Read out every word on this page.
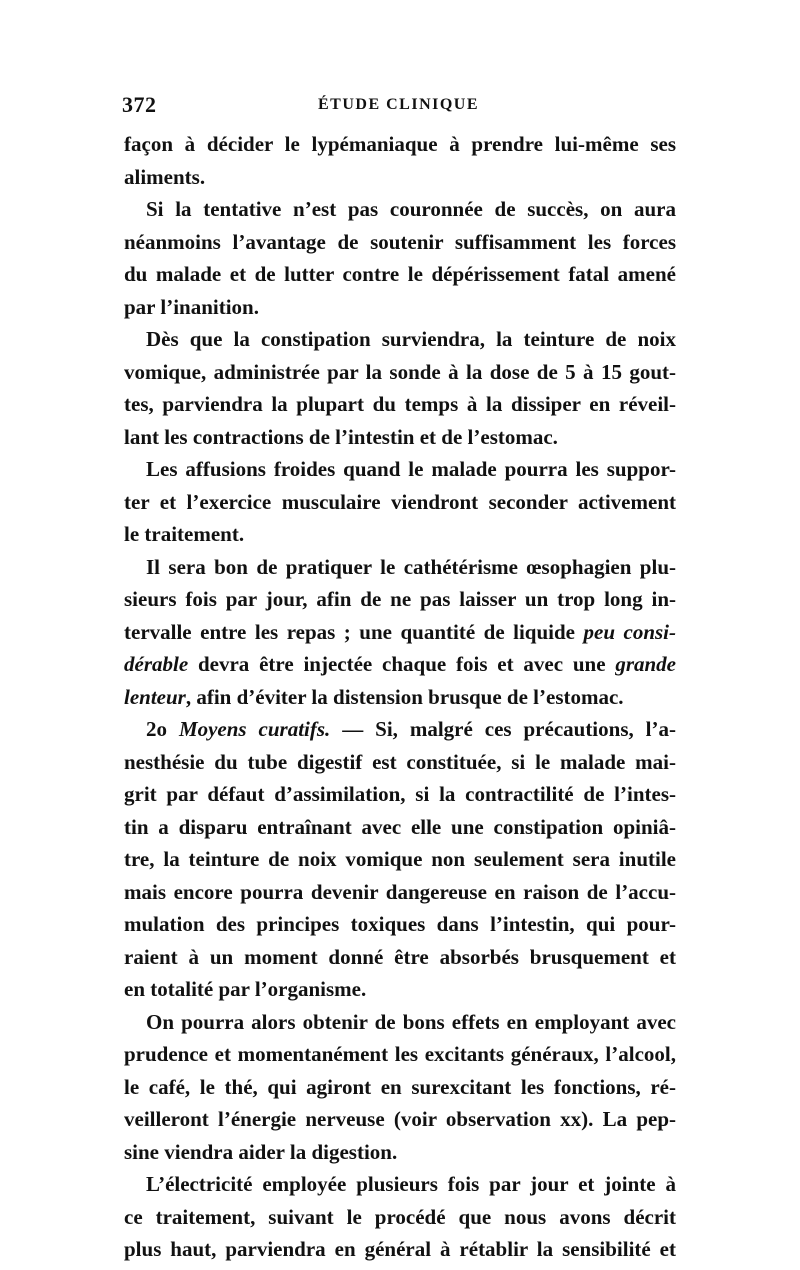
372	ÉTUDE CLINIQUE
façon à décider le lypémaniaque à prendre lui-même ses
aliments.
Si la tentative n’est pas couronnée de succès, on aura
néanmoins l’avantage de soutenir suffisamment les forces
du malade et de lutter contre le dépérissement fatal amené
par l’inanition.
Dès que la constipation surviendra, la teinture de noix
vomique, administrée par la sonde à la dose de 5 à 15 gout-
tes, parviendra la plupart du temps à la dissiper en réveil-
lant les contractions de l’intestin et de l’estomac.
Les affusions froides quand le malade pourra les suppor-
ter et l’exercice musculaire viendront seconder activement
le traitement.
Il sera bon de pratiquer le cathétérisme œsophagien plu-
sieurs fois par jour, afin de ne pas laisser un trop long in-
tervalle entre les repas ; une quantité de liquide peu consi-
dérable devra être injectée chaque fois et avec une grande
lenteur, afin d’éviter la distension brusque de l’estomac.
2o Moyens curatifs. — Si, malgré ces précautions, l’a-
nesthésie du tube digestif est constituée, si le malade mai-
grit par défaut d’assimilation, si la contractilité de l’intes-
tin a disparu entraînant avec elle une constipation opiniâ-
tre, la teinture de noix vomique non seulement sera inutile
mais encore pourra devenir dangereuse en raison de l’accu-
mulation des principes toxiques dans l’intestin, qui pour-
raient à un moment donné être absorbés brusquement et
en totalité par l’organisme.
On pourra alors obtenir de bons effets en employant avec
prudence et momentanément les excitants généraux, l’alcool,
le café, le thé, qui agiront en surexcitant les fonctions, ré-
veilleront l’énergie nerveuse (voir observation xx). La pep-
sine viendra aider la digestion.
L’électricité employée plusieurs fois par jour et jointe à
ce traitement, suivant le procédé que nous avons décrit
plus haut, parviendra en général à rétablir la sensibilité et
